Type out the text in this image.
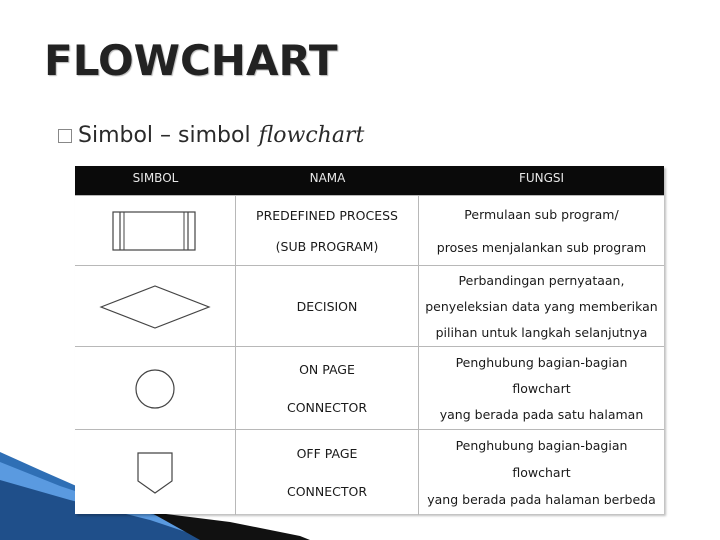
FLOWCHART
Simbol – simbol flowchart
SIMBOL	NAMA	FUNGSI
PREDEFINED PROCESS
(SUB PROGRAM)
Permulaan sub program/
proses menjalankan sub program
DECISION
Perbandingan pernyataan,
penyeleksian data yang memberikan
pilihan untuk langkah selanjutnya
ON PAGE
CONNECTOR
Penghubung bagian-bagian
flowchart
yang berada pada satu halaman
OFF PAGE
CONNECTOR
Penghubung bagian-bagian
flowchart
yang berada pada halaman berbeda
